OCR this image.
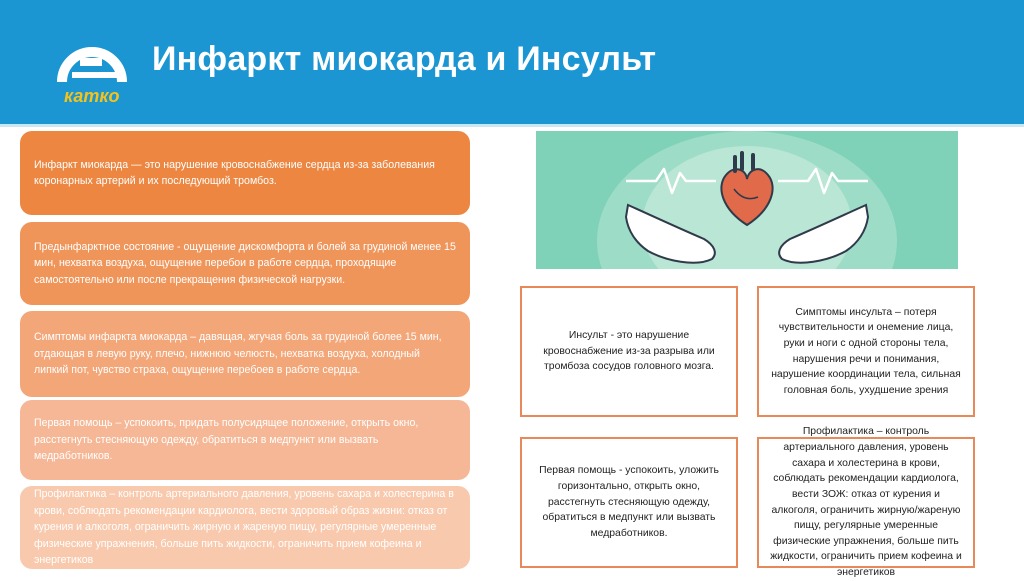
катко
Инфаркт миокарда и Инсульт
Инфаркт миокарда — это нарушение кровоснабжение сердца из-за заболевания коронарных артерий и их последующий тромбоз.
Предынфарктное состояние - ощущение дискомфорта и болей за грудиной менее 15 мин, нехватка воздуха, ощущение перебои в работе сердца, проходящие самостоятельно или после прекращения физической нагрузки.
Симптомы инфаркта миокарда – давящая, жгучая боль за грудиной более 15 мин, отдающая в левую руку, плечо, нижнюю челюсть, нехватка воздуха, холодный липкий пот, чувство страха, ощущение перебоев в работе сердца.
Первая помощь – успокоить, придать полусидящее положение, открыть окно, расстегнуть стесняющую одежду, обратиться в медпункт или вызвать медработников.
Профилактика – контроль артериального давления, уровень сахара и холестерина в крови, соблюдать рекомендации кардиолога, вести здоровый образ жизни: отказ от курения и алкоголя, ограничить жирную и жареную пищу, регулярные умеренные физические упражнения, больше пить жидкости, ограничить прием кофеина и энергетиков
Инсульт - это нарушение кровоснабжение из-за разрыва или тромбоза сосудов головного мозга.
Симптомы инсульта – потеря чувствительности и онемение лица, руки и ноги с одной стороны тела, нарушения речи и понимания, нарушение координации тела, сильная головная боль, ухудшение зрения
Первая помощь - успокоить, уложить горизонтально, открыть окно, расстегнуть стесняющую одежду, обратиться в медпункт или вызвать медработников.
Профилактика – контроль артериального давления, уровень сахара и холестерина в крови, соблюдать рекомендации кардиолога, вести ЗОЖ: отказ от курения и алкоголя, ограничить жирную/жареную пищу, регулярные умеренные физические упражнения, больше пить жидкости, ограничить прием кофеина и энергетиков
